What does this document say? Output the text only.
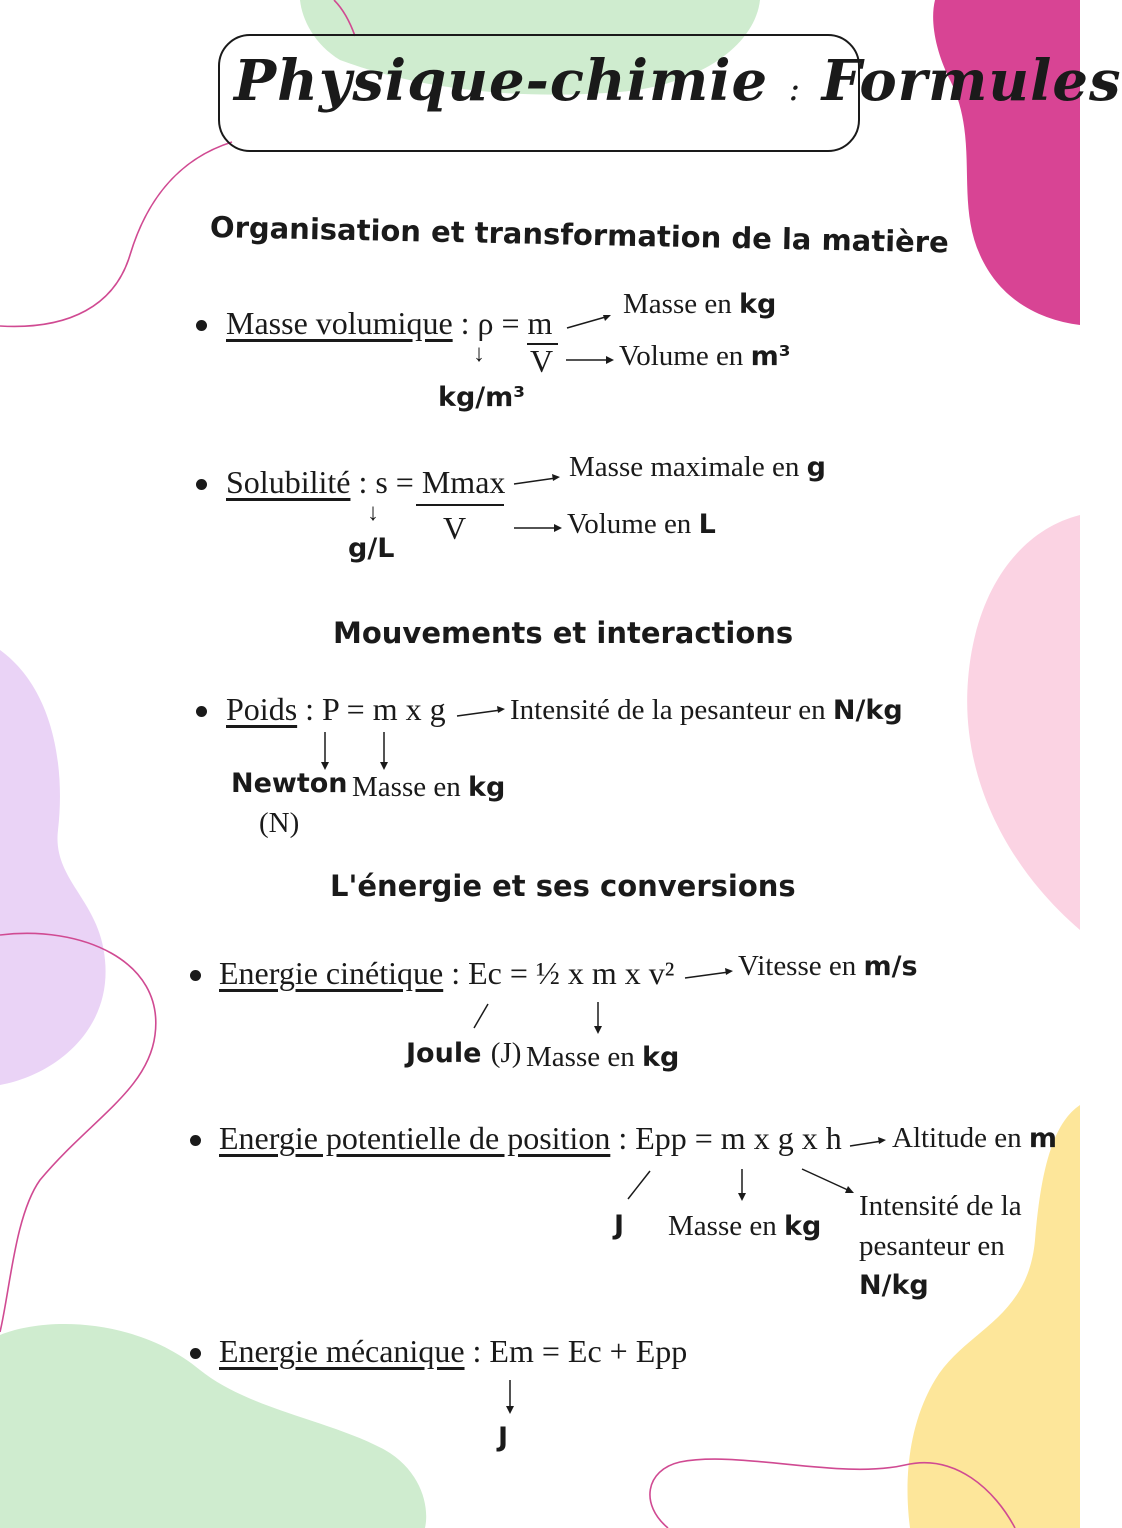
Physique-chimie : Formules
Organisation et transformation de la matière
Masse volumique : ρ = m
V
↓
kg/m³
Masse en kg
Volume en m³
Solubilité : s = Mmax
V
↓
g/L
Masse maximale en g
Volume en L
Mouvements et interactions
Poids : P = m x g Intensité de la pesanteur en N/kg
Newton
(N)
Masse en kg
L'énergie et ses conversions
Energie cinétique : Ec = ½ x m x v² Vitesse en m/s
Joule (J) Masse en kg
Energie potentielle de position : Epp = m x g x h Altitude en m
J Masse en kg
Intensité de la
pesanteur en
N/kg
Energie mécanique : Em = Ec + Epp
J
